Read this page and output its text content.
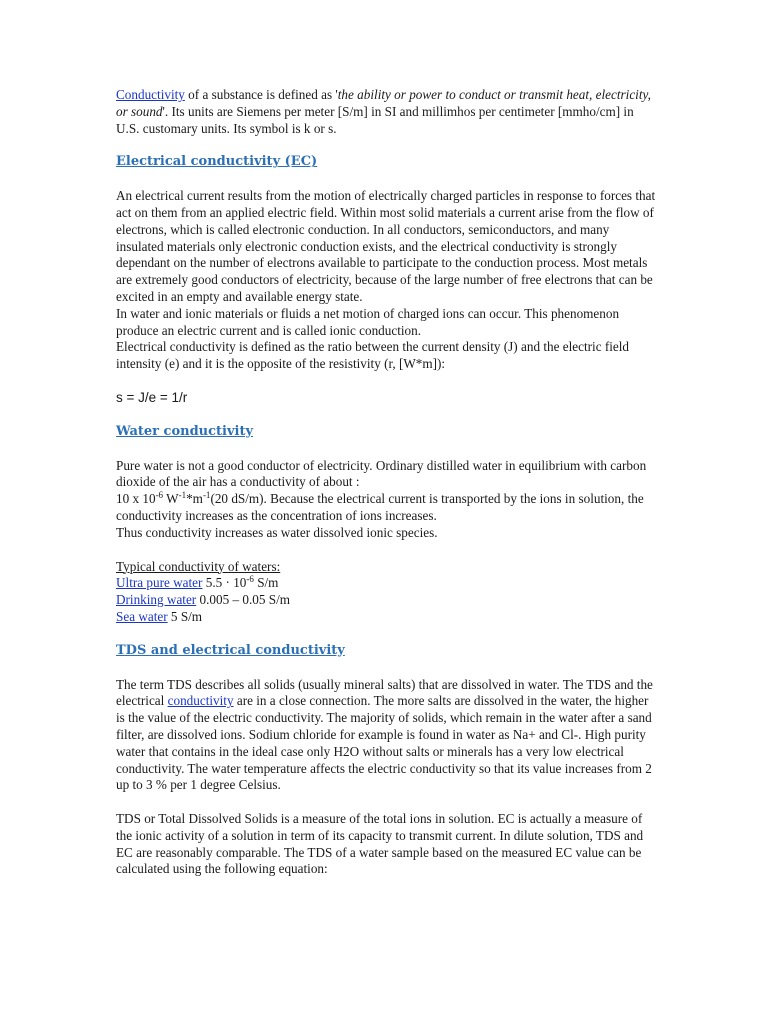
Conductivity of a substance is defined as 'the ability or power to conduct or transmit heat, electricity, or sound'. Its units are Siemens per meter [S/m] in SI and millimhos per centimeter [mmho/cm] in U.S. customary units. Its symbol is k or s.

Electrical conductivity (EC)

An electrical current results from the motion of electrically charged particles in response to forces that act on them from an applied electric field. Within most solid materials a current arise from the flow of electrons, which is called electronic conduction. In all conductors, semiconductors, and many insulated materials only electronic conduction exists, and the electrical conductivity is strongly dependant on the number of electrons available to participate to the conduction process. Most metals are extremely good conductors of electricity, because of the large number of free electrons that can be excited in an empty and available energy state.

In water and ionic materials or fluids a net motion of charged ions can occur. This phenomenon produce an electric current and is called ionic conduction.

Electrical conductivity is defined as the ratio between the current density (J) and the electric field intensity (e) and it is the opposite of the resistivity (r, [W*m]):

s = J/e = 1/r

Water conductivity

Pure water is not a good conductor of electricity. Ordinary distilled water in equilibrium with carbon dioxide of the air has a conductivity of about :

10 x $10^{-6}$ $W^{-1}*m^{-1}(20$ dS/m). Because the electrical current is transported by the ions in solution, the conductivity increases as the concentration of ions increases.

Thus conductivity increases as water dissolved ionic species.

Typical conductivity of waters:

Ultra pure water $5.5 \cdot 10^{-6}$ S/m

Drinking water 0.005 – 0.05 S/m

Sea water 5 S/m

TDS and electrical conductivity

The term TDS describes all solids (usually mineral salts) that are dissolved in water. The TDS and the electrical conductivity are in a close connection. The more salts are dissolved in the water, the higher is the value of the electric conductivity. The majority of solids, which remain in the water after a sand filter, are dissolved ions. Sodium chloride for example is found in water as Na+ and Cl-. High purity water that contains in the ideal case only H2O without salts or minerals has a very low electrical conductivity. The water temperature affects the electric conductivity so that its value increases from 2 up to 3 % per 1 degree Celsius.

TDS or Total Dissolved Solids is a measure of the total ions in solution. EC is actually a measure of the ionic activity of a solution in term of its capacity to transmit current. In dilute solution, TDS and EC are reasonably comparable. The TDS of a water sample based on the measured EC value can be calculated using the following equation:
